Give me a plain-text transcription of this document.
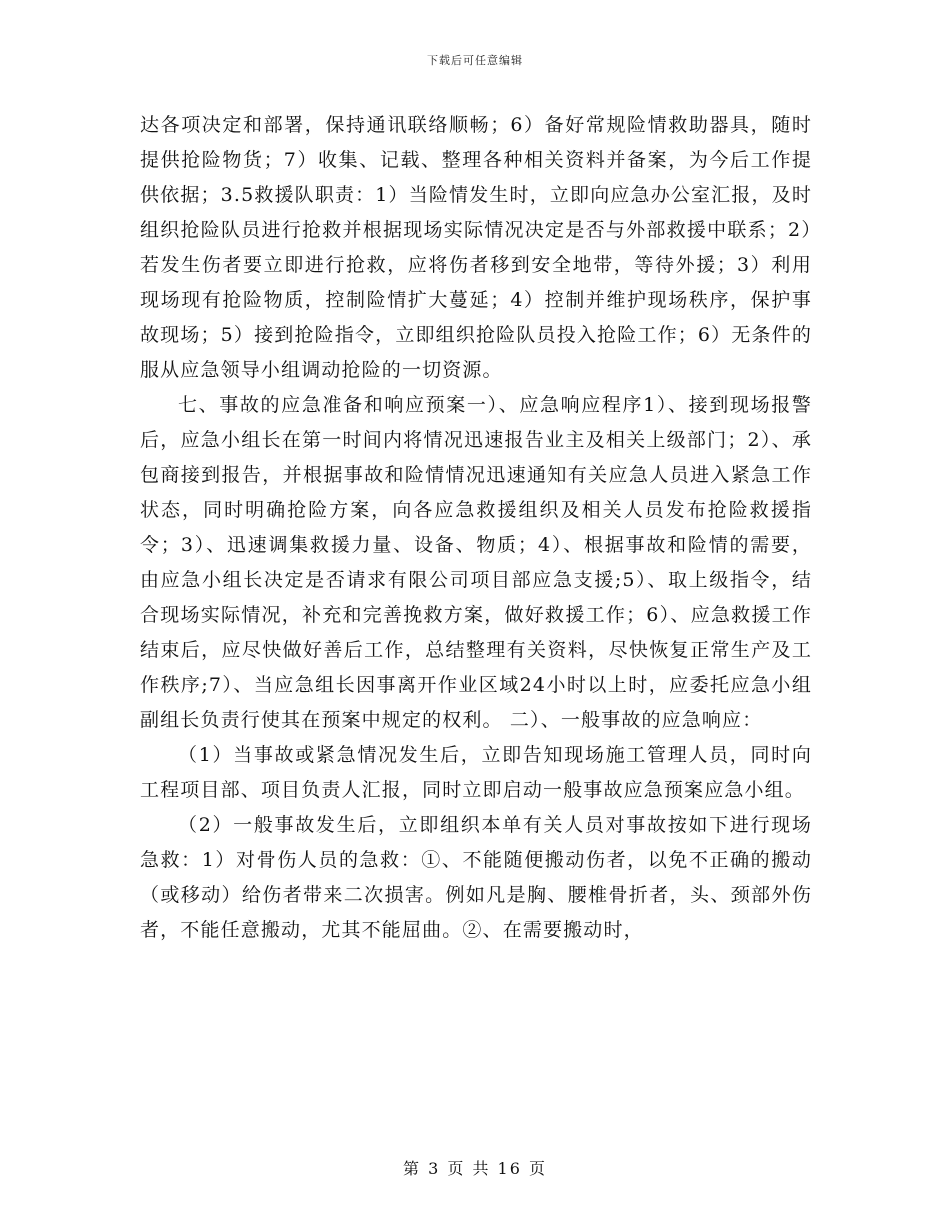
下载后可任意编辑

达各项决定和部署，保持通讯联络顺畅；6）备好常规险情救助器具，随时提供抢险物货；7）收集、记载、整理各种相关资料并备案，为今后工作提供依据；3.5救援队职责：1）当险情发生时，立即向应急办公室汇报，及时组织抢险队员进行抢救并根据现场实际情况决定是否与外部救援中联系；2）若发生伤者要立即进行抢救，应将伤者移到安全地带，等待外援；3）利用现场现有抢险物质，控制险情扩大蔓延；4）控制并维护现场秩序，保护事故现场；5）接到抢险指令，立即组织抢险队员投入抢险工作；6）无条件的服从应急领导小组调动抢险的一切资源。

七、事故的应急准备和响应预案一）、应急响应程序1）、接到现场报警后，应急小组长在第一时间内将情况迅速报告业主及相关上级部门；2）、承包商接到报告，并根据事故和险情情况迅速通知有关应急人员进入紧急工作状态，同时明确抢险方案，向各应急救援组织及相关人员发布抢险救援指令；3）、迅速调集救援力量、设备、物质；4）、根据事故和险情的需要，由应急小组长决定是否请求有限公司项目部应急支援;5）、取上级指令，结合现场实际情况，补充和完善挽救方案，做好救援工作；6）、应急救援工作结束后，应尽快做好善后工作，总结整理有关资料，尽快恢复正常生产及工作秩序;7）、当应急组长因事离开作业区域24小时以上时，应委托应急小组副组长负责行使其在预案中规定的权利。 二）、一般事故的应急响应：

（1）当事故或紧急情况发生后，立即告知现场施工管理人员，同时向工程项目部、项目负责人汇报，同时立即启动一般事故应急预案应急小组。

（2）一般事故发生后，立即组织本单有关人员对事故按如下进行现场急救：1）对骨伤人员的急救：①、不能随便搬动伤者，以免不正确的搬动（或移动）给伤者带来二次损害。例如凡是胸、腰椎骨折者，头、颈部外伤者，不能任意搬动，尤其不能屈曲。②、在需要搬动时，

第 3 页 共 16 页
